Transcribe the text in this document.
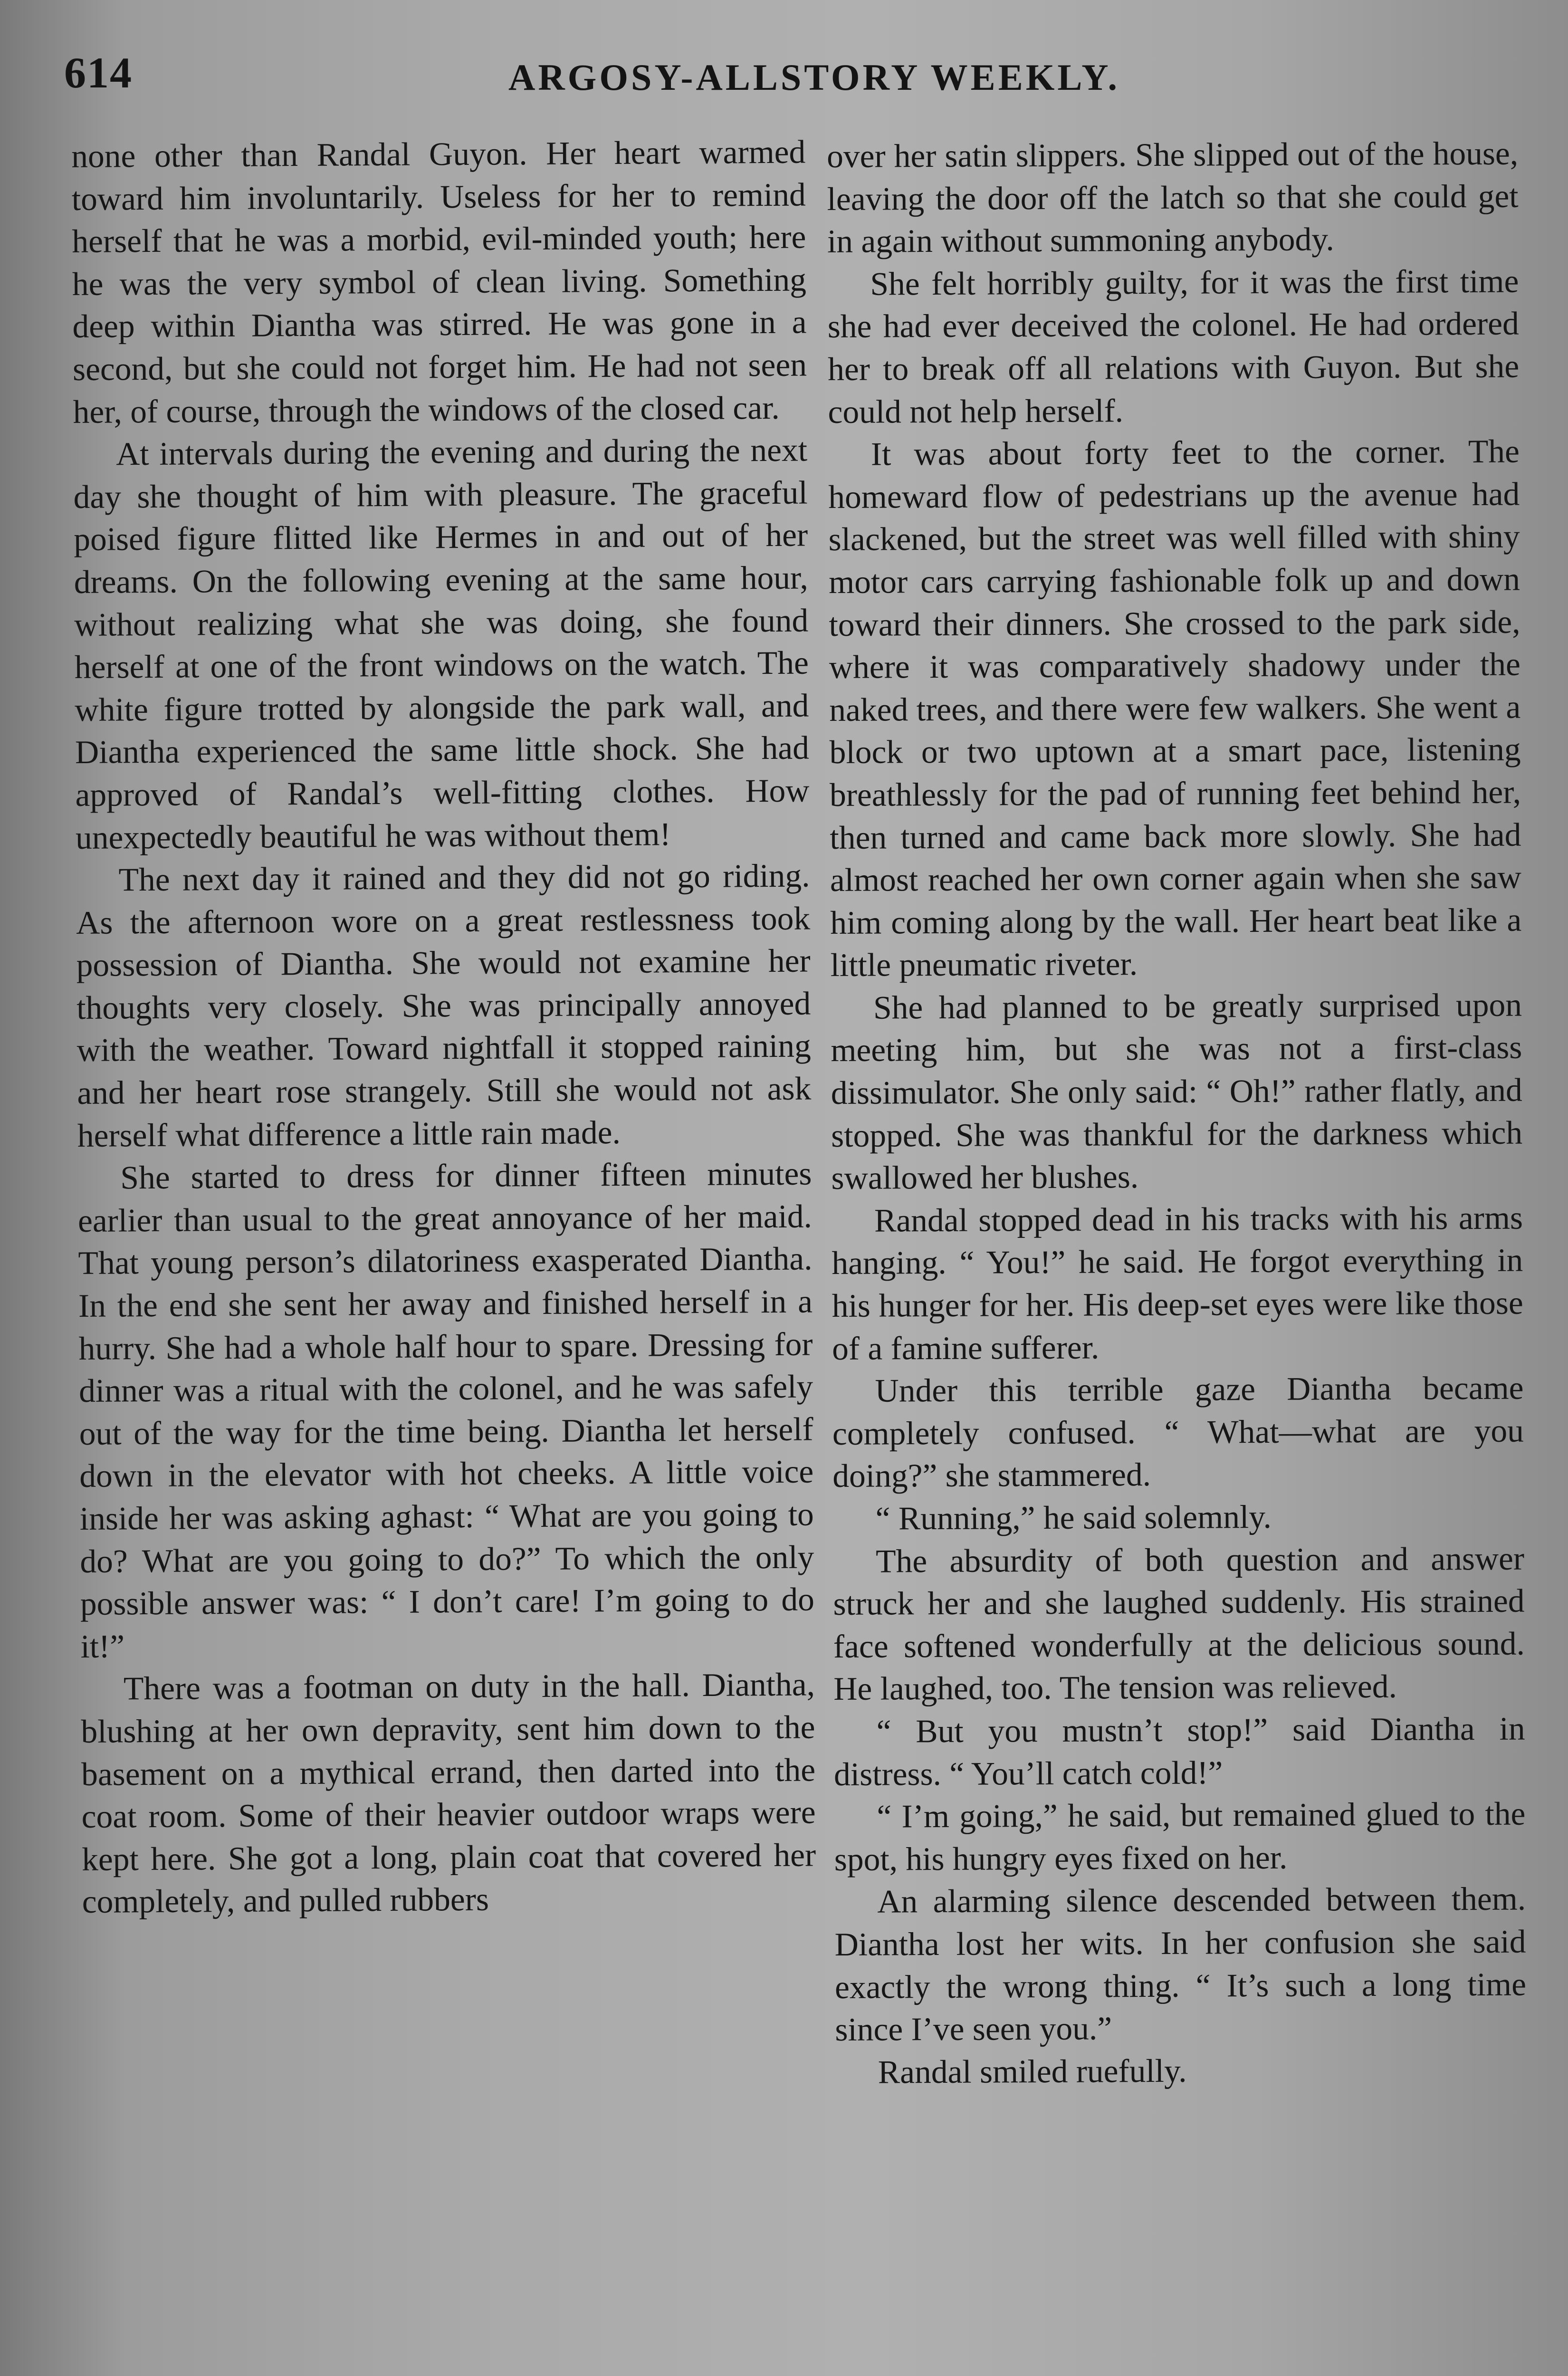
614	ARGOSY-ALLSTORY WEEKLY.

none other than Randal Guyon. Her heart warmed toward him involuntarily. Useless for her to remind herself that he was a morbid, evil-minded youth; here he was the very symbol of clean living. Something deep within Diantha was stirred. He was gone in a second, but she could not forget him. He had not seen her, of course, through the windows of the closed car.

At intervals during the evening and during the next day she thought of him with pleasure. The graceful poised figure flitted like Hermes in and out of her dreams. On the following evening at the same hour, without realizing what she was doing, she found herself at one of the front windows on the watch. The white figure trotted by alongside the park wall, and Diantha experienced the same little shock. She had approved of Randal’s well-fitting clothes. How unexpectedly beautiful he was without them!

The next day it rained and they did not go riding. As the afternoon wore on a great restlessness took possession of Diantha. She would not examine her thoughts very closely. She was principally annoyed with the weather. Toward nightfall it stopped raining and her heart rose strangely. Still she would not ask herself what difference a little rain made.

She started to dress for dinner fifteen minutes earlier than usual to the great annoyance of her maid. That young person’s dilatoriness exasperated Diantha. In the end she sent her away and finished herself in a hurry. She had a whole half hour to spare. Dressing for dinner was a ritual with the colonel, and he was safely out of the way for the time being. Diantha let herself down in the elevator with hot cheeks. A little voice inside her was asking aghast: “ What are you going to do? What are you going to do?” To which the only possible answer was: “ I don’t care! I’m going to do it!”

There was a footman on duty in the hall. Diantha, blushing at her own depravity, sent him down to the basement on a mythical errand, then darted into the coat room. Some of their heavier outdoor wraps were kept here. She got a long, plain coat that covered her completely, and pulled rubbers

over her satin slippers. She slipped out of the house, leaving the door off the latch so that she could get in again without summoning anybody.

She felt horribly guilty, for it was the first time she had ever deceived the colonel. He had ordered her to break off all relations with Guyon. But she could not help herself.

It was about forty feet to the corner. The homeward flow of pedestrians up the avenue had slackened, but the street was well filled with shiny motor cars carrying fashionable folk up and down toward their dinners. She crossed to the park side, where it was comparatively shadowy under the naked trees, and there were few walkers. She went a block or two uptown at a smart pace, listening breathlessly for the pad of running feet behind her, then turned and came back more slowly. She had almost reached her own corner again when she saw him coming along by the wall. Her heart beat like a little pneumatic riveter.

She had planned to be greatly surprised upon meeting him, but she was not a first-class dissimulator. She only said: “ Oh!” rather flatly, and stopped. She was thankful for the darkness which swallowed her blushes.

Randal stopped dead in his tracks with his arms hanging. “ You!” he said. He forgot everything in his hunger for her. His deep-set eyes were like those of a famine sufferer.

Under this terrible gaze Diantha became completely confused. “ What—what are you doing?” she stammered.

“ Running,” he said solemnly.

The absurdity of both question and answer struck her and she laughed suddenly. His strained face softened wonderfully at the delicious sound. He laughed, too. The tension was relieved.

“ But you mustn’t stop!” said Diantha in distress. “ You’ll catch cold!”

“ I’m going,” he said, but remained glued to the spot, his hungry eyes fixed on her.

An alarming silence descended between them. Diantha lost her wits. In her confusion she said exactly the wrong thing. “ It’s such a long time since I’ve seen you.”

Randal smiled ruefully.
